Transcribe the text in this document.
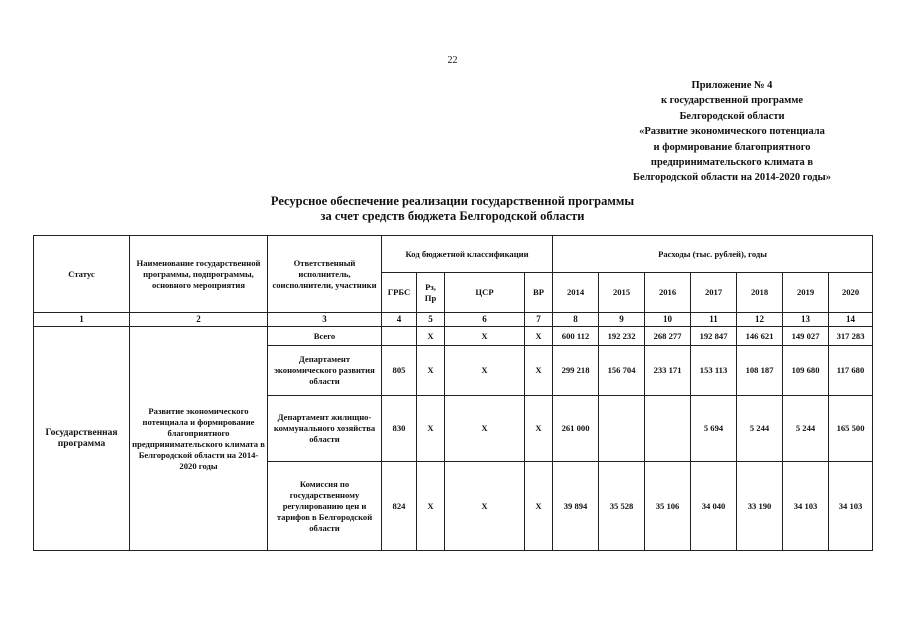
22
Приложение № 4
к государственной программе
Белгородской области
«Развитие экономического потенциала
и формирование благоприятного
предпринимательского климата в
Белгородской области на 2014-2020 годы»
Ресурсное обеспечение реализации государственной программы
за счет средств бюджета Белгородской области
Статус	Наименование государственной программы, подпрограммы, основного мероприятия	Ответственный исполнитель, соисполнители, участники	Код бюджетной классификации				Расходы (тыс. рублей), годы						
			ГРБС	Рз, Пр	ЦСР	ВР	2014	2015	2016	2017	2018	2019	2020
1	2	3	4	5	6	7	8	9	10	11	12	13	14
Государственная программа	Развитие экономического потенциала и формирование благоприятного предпринимательского климата в Белгородской области на 2014-2020 годы	Всего		X	X	X	600 112	192 232	268 277	192 847	146 621	149 027	317 283
		Департамент экономического развития области	805	X	X	X	299 218	156 704	233 171	153 113	108 187	109 680	117 680
		Департамент жилищно-коммунального хозяйства области	830	X	X	X	261 000			5 694	5 244	5 244	165 500
		Комиссия по государственному регулированию цен и тарифов в Белгородской области	824	X	X	X	39 894	35 528	35 106	34 040	33 190	34 103	34 103
